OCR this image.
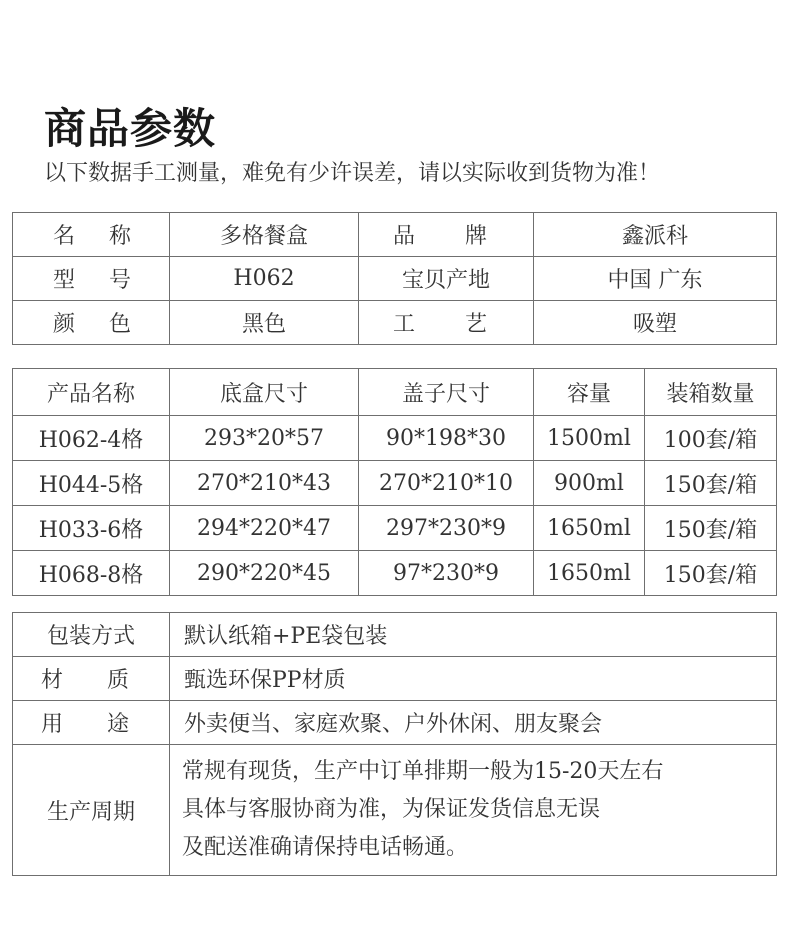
商品参数
以下数据手工测量，难免有少许误差，请以实际收到货物为准！
名 称	多格餐盒	品 牌	鑫派科

型 号	H062	宝贝产地	中国 广东

颜 色	黑色	工 艺	吸塑
产品名称	底盒尺寸	盖子尺寸	容量	装箱数量
H062-4格	293*20*57	90*198*30	1500ml	100套/箱
H044-5格	270*210*43	270*210*10	900ml	150套/箱
H033-6格	294*220*47	297*230*9	1650ml	150套/箱
H068-8格	290*220*45	97*230*9	1650ml	150套/箱
包装方式	默认纸箱+PE袋包装

材 质	甄选环保PP材质

用 途	外卖便当、家庭欢聚、户外休闲、朋友聚会
生产周期	常规有现货，生产中订单排期一般为15-20天左右
具体与客服协商为准，为保证发货信息无误
及配送准确请保持电话畅通。
